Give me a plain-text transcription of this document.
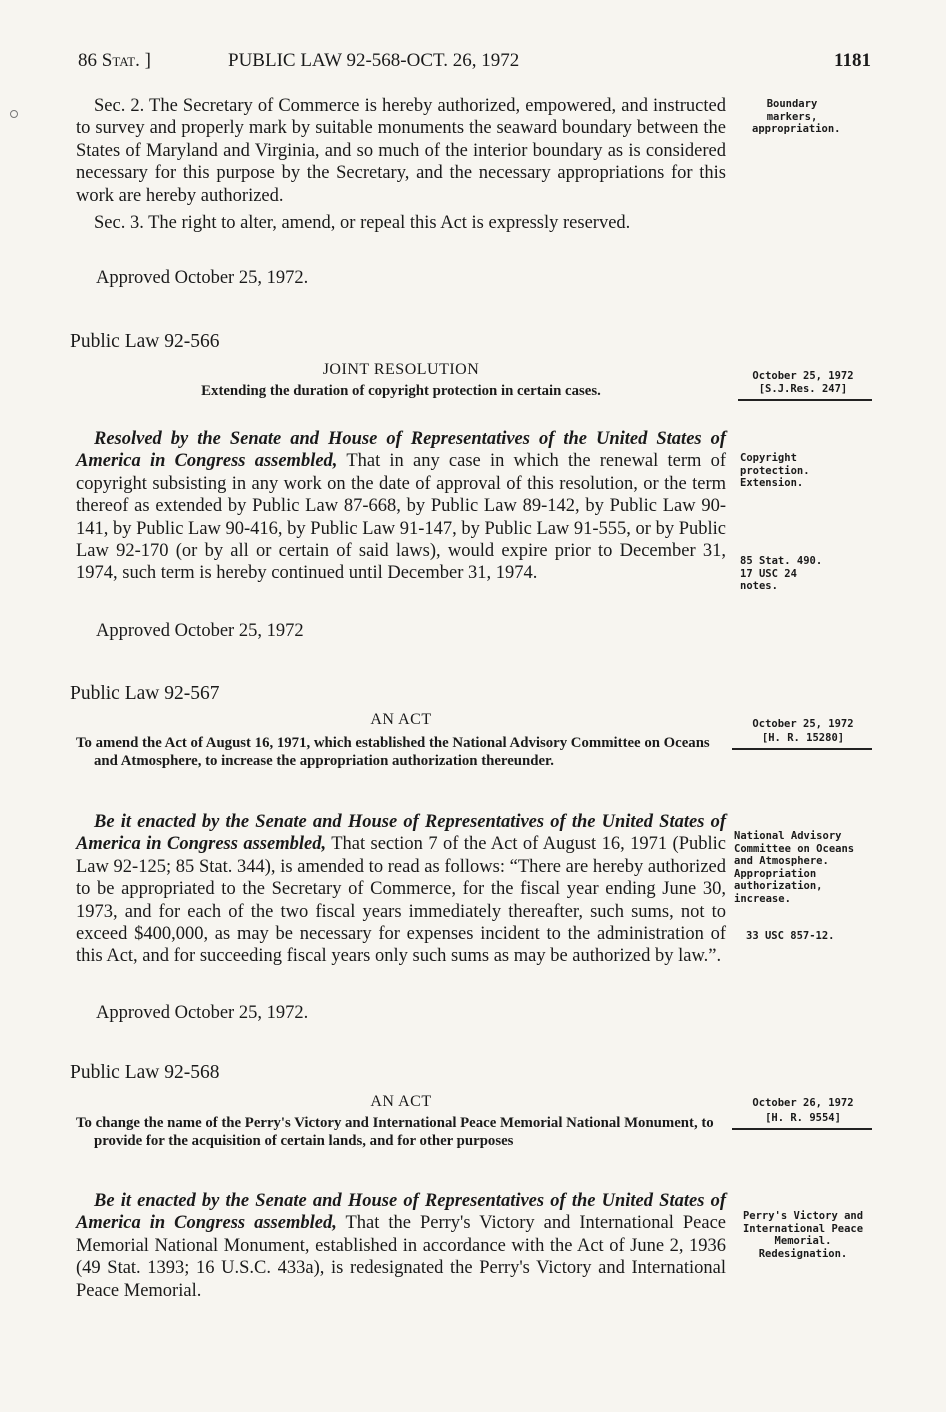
86 Stat. ]	PUBLIC LAW 92-568-OCT. 26, 1972	1181

Sec. 2. The Secretary of Commerce is hereby authorized, empowered, and instructed to survey and properly mark by suitable monuments the seaward boundary between the States of Maryland and Virginia, and so much of the interior boundary as is considered necessary for this purpose by the Secretary, and the necessary appropriations for this work are hereby authorized.

Sec. 3. The right to alter, amend, or repeal this Act is expressly reserved.

Approved October 25, 1972.
Boundary markers, appropriation.
Public Law 92-566
JOINT RESOLUTION
Extending the duration of copyright protection in certain cases.
October 25, 1972
[S.J.Res. 247]

Resolved by the Senate and House of Representatives of the United States of America in Congress assembled, That in any case in which the renewal term of copyright subsisting in any work on the date of approval of this resolution, or the term thereof as extended by Public Law 87-668, by Public Law 89-142, by Public Law 90-141, by Public Law 90-416, by Public Law 91-147, by Public Law 91-555, or by Public Law 92-170 (or by all or certain of said laws), would expire prior to December 31, 1974, such term is hereby continued until December 31, 1974.

Approved October 25, 1972
Copyright protection. Extension.
85 Stat. 490. 17 USC 24 notes.
Public Law 92-567
AN ACT
To amend the Act of August 16, 1971, which established the National Advisory Committee on Oceans and Atmosphere, to increase the appropriation authorization thereunder.
October 25, 1972
[H. R. 15280]

Be it enacted by the Senate and House of Representatives of the United States of America in Congress assembled, That section 7 of the Act of August 16, 1971 (Public Law 92-125; 85 Stat. 344), is amended to read as follows: “There are hereby authorized to be appropriated to the Secretary of Commerce, for the fiscal year ending June 30, 1973, and for each of the two fiscal years immediately thereafter, such sums, not to exceed $400,000, as may be necessary for expenses incident to the administration of this Act, and for succeeding fiscal years only such sums as may be authorized by law.”.

Approved October 25, 1972.
National Advisory Committee on Oceans and Atmosphere. Appropriation authorization, increase.
33 USC 857-12.
Public Law 92-568
AN ACT
To change the name of the Perry's Victory and International Peace Memorial National Monument, to provide for the acquisition of certain lands, and for other purposes
October 26, 1972
[H. R. 9554]

Be it enacted by the Senate and House of Representatives of the United States of America in Congress assembled, That the Perry's Victory and International Peace Memorial National Monument, established in accordance with the Act of June 2, 1936 (49 Stat. 1393; 16 U.S.C. 433a), is redesignated the Perry's Victory and International Peace Memorial.

Perry's Victory and International Peace Memorial. Redesignation.
